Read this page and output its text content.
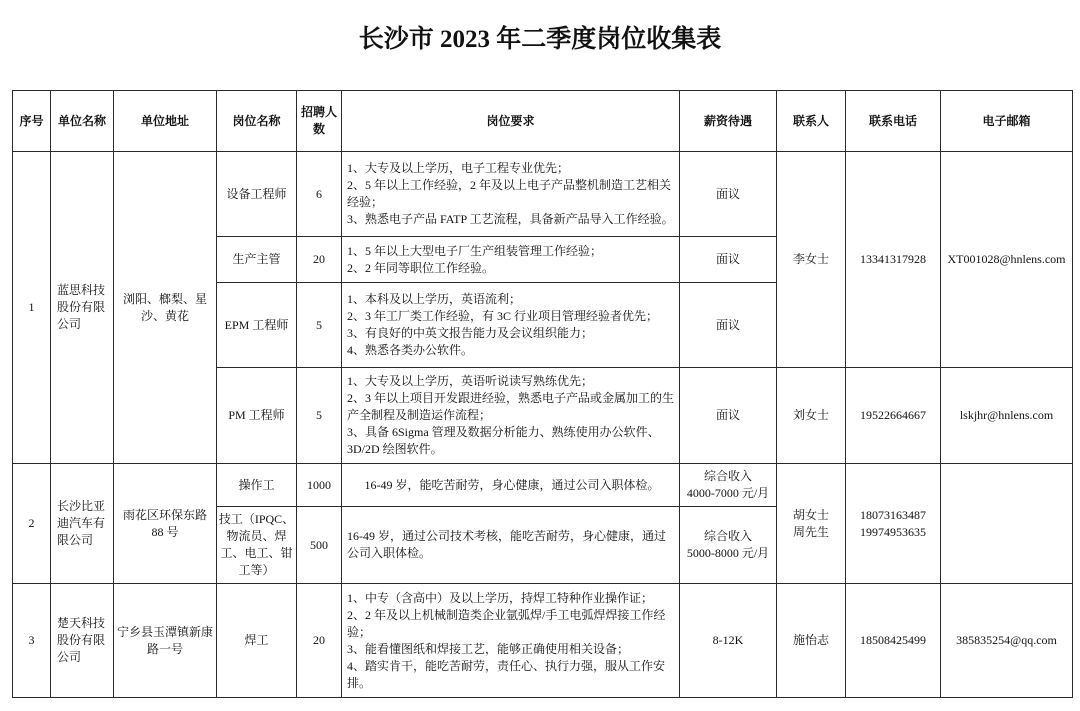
长沙市 2023 年二季度岗位收集表
序号	单位名称	单位地址	岗位名称	招聘人数	岗位要求	薪资待遇	联系人	联系电话	电子邮箱
1	蓝思科技股份有限公司	浏阳、榔梨、星沙、黄花	设备工程师	6	1、大专及以上学历，电子工程专业优先；
2、5 年以上工作经验，2 年及以上电子产品整机制造工艺相关经验；
3、熟悉电子产品 FATP 工艺流程，具备新产品导入工作经验。	面议	李女士	13341317928	XT001028@hnlens.com
			生产主管	20	1、5 年以上大型电子厂生产组装管理工作经验；
2、2 年同等职位工作经验。	面议			

			EPM 工程师	5	1、本科及以上学历，英语流利；
2、3 年工厂类工作经验，有 3C 行业项目管理经验者优先；
3、有良好的中英文报告能力及会议组织能力；
4、熟悉各类办公软件。	面议			

			PM 工程师	5	1、大专及以上学历，英语听说读写熟练优先；
2、3 年以上项目开发跟进经验，熟悉电子产品或金属加工的生产全制程及制造运作流程；
3、具备 6Sigma 管理及数据分析能力、熟练使用办公软件、3D/2D 绘图软件。	面议	刘女士	19522664667	lskjhr@hnlens.com
2	长沙比亚迪汽车有限公司	雨花区环保东路 88 号	操作工	1000	16-49 岁，能吃苦耐劳，身心健康，通过公司入职体检。	综合收入
4000-7000 元/月	胡女士
周先生	18073163487
19974953635	

			技工（IPQC、物流员、焊工、电工、钳工等）	500	16-49 岁，通过公司技术考核，能吃苦耐劳，身心健康，通过公司入职体检。	综合收入
5000-8000 元/月			

3	楚天科技股份有限公司	宁乡县玉潭镇新康路一号	焊工	20	1、中专（含高中）及以上学历，持焊工特种作业操作证；
2、2 年及以上机械制造类企业氩弧焊/手工电弧焊焊接工作经验；
3、能看懂图纸和焊接工艺，能够正确使用相关设备；
4、踏实肯干，能吃苦耐劳，责任心、执行力强，服从工作安排。	8-12K	施怡志	18508425499	385835254@qq.com
